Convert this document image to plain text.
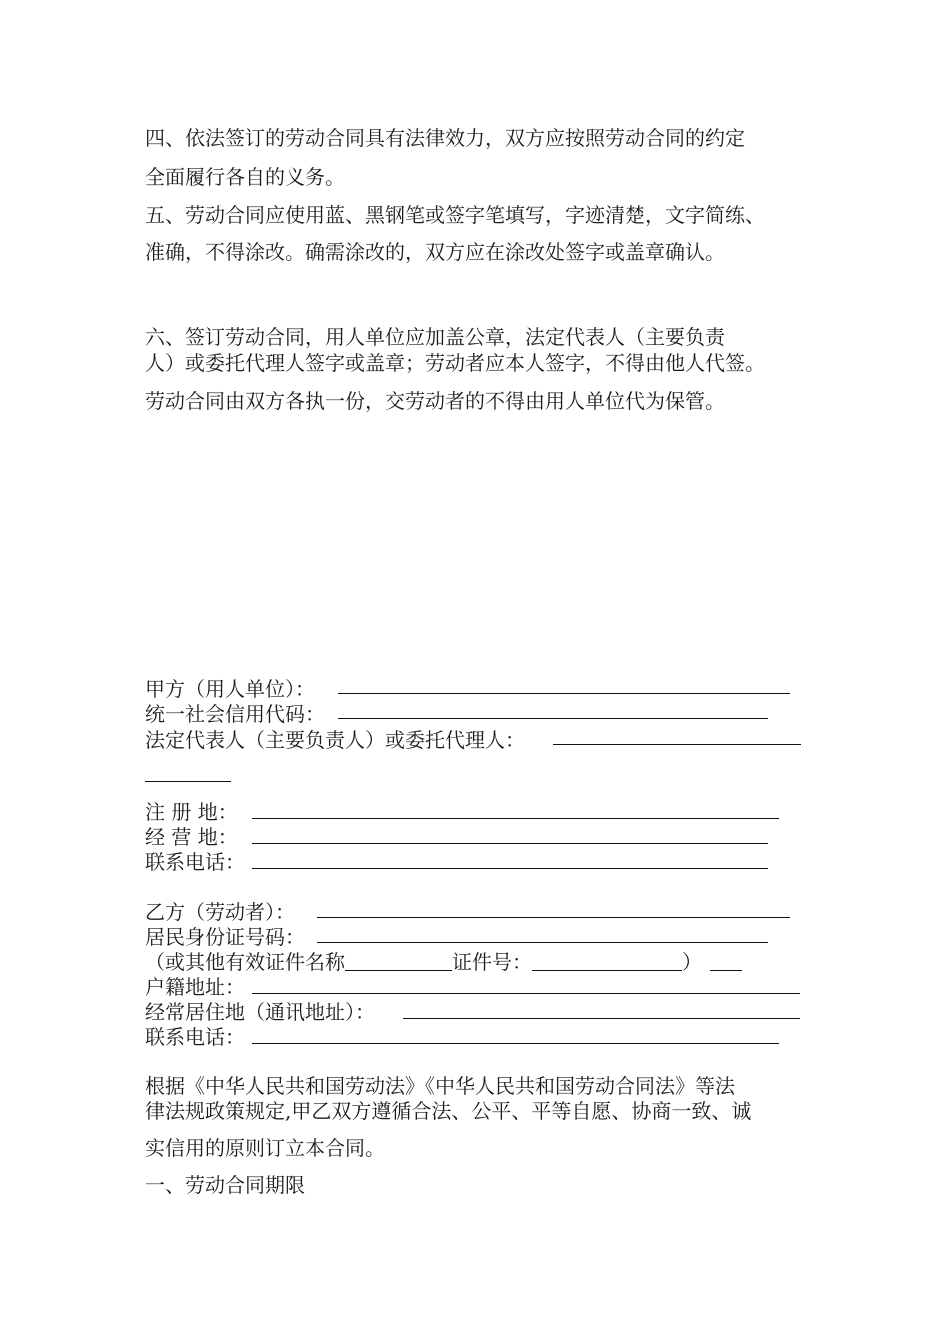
四、依法签订的劳动合同具有法律效力，双方应按照劳动合同的约定
全面履行各自的义务。
五、劳动合同应使用蓝、黑钢笔或签字笔填写，字迹清楚，文字简练、
准确，不得涂改。确需涂改的，双方应在涂改处签字或盖章确认。
六、签订劳动合同，用人单位应加盖公章，法定代表人（主要负责
人）或委托代理人签字或盖章；劳动者应本人签字，不得由他人代签。
劳动合同由双方各执一份，交劳动者的不得由用人单位代为保管。
甲方（用人单位）：
统一社会信用代码：
法定代表人（主要负责人）或委托代理人：
注 册 地：
经 营 地：
联系电话：
乙方（劳动者）：
居民身份证号码：
（或其他有效证件名称	证件号：	）
户籍地址：
经常居住地（通讯地址）：
联系电话：
根据《中华人民共和国劳动法》《中华人民共和国劳动合同法》等法
律法规政策规定,甲乙双方遵循合法、公平、平等自愿、协商一致、诚
实信用的原则订立本合同。
一、劳动合同期限
